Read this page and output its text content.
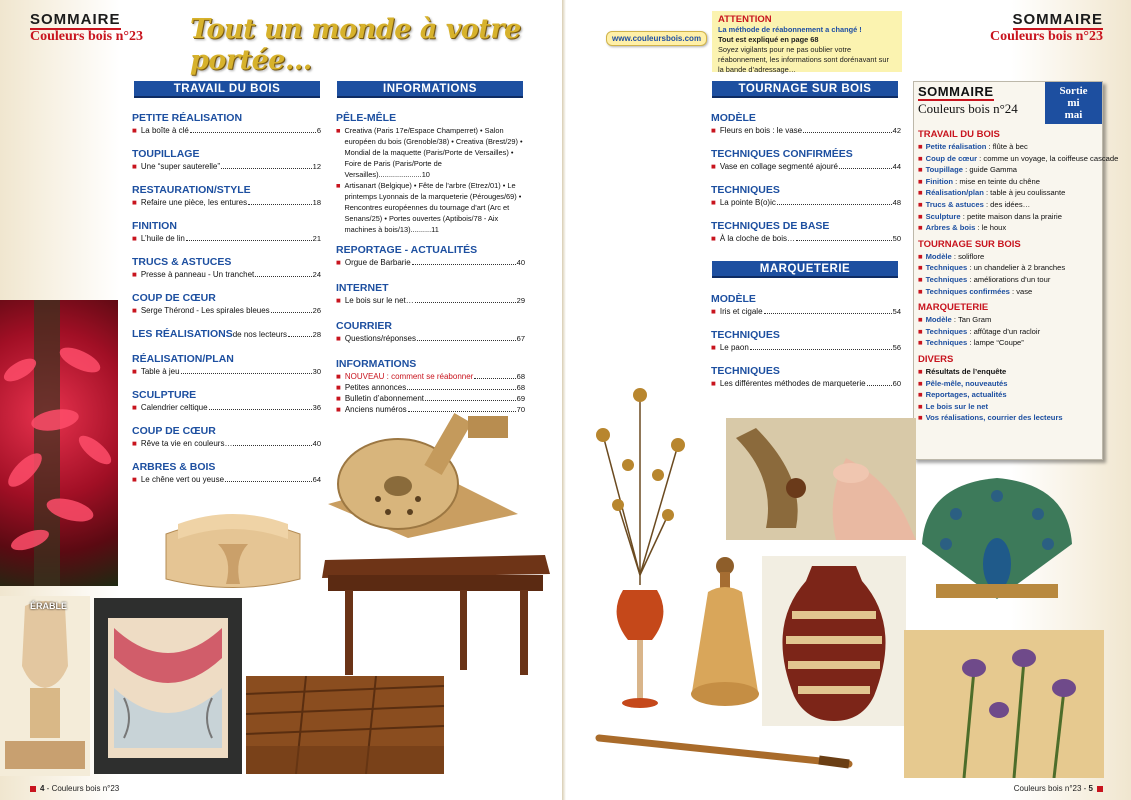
SOMMAIRE

Couleurs bois n°23 Tout un monde à votre portée...
TRAVAIL DU BOIS	INFORMATIONS
PETITE RÉALISATION
■ La boîte à clé	6
TOUPILLAGE
■ Une “super sauterelle”	12
RESTAURATION/STYLE
■ Refaire une pièce, les entures	18
FINITION
■ L’huile de lin	21
TRUCS & ASTUCES
■ Presse à panneau - Un tranchet	24
COUP DE CŒUR
■ Serge Thérond - Les spirales bleues	26
LES RÉALISATIONS de nos lecteurs	28
RÉALISATION/PLAN
■ Table à jeu	30
SCULPTURE
■ Calendrier celtique	36
COUP DE CŒUR
■ Rêve ta vie en couleurs…	40
ARBRES & BOIS
■ Le chêne vert ou yeuse	64
PÊLE-MÊLE
■ Creativa (Paris 17e/Espace Champerret) • Salon européen du bois (Grenoble/38) • Creativa (Brest/29) • Mondial de la maquette (Paris/Porte de Versailles) • Foire de Paris (Paris/Porte de Versailles).....................10
■ Artisanart (Belgique) • Fête de l’arbre (Etrez/01) • Le printemps Lyonnais de la marqueterie (Pérouges/69) • Rencontres européennes du tournage d’art (Arc et Senans/25) • Portes ouvertes (Aptibois/78 - Aix machines à bois/13)..........11
REPORTAGE - ACTUALITÉS
■ Orgue de Barbarie	40
INTERNET
■ Le bois sur le net…	29
COURRIER
■ Questions/réponses	67
INFORMATIONS
■ NOUVEAU : comment se réabonner	68
■ Petites annonces	68
■ Bulletin d’abonnement	69
■ Anciens numéros	70
ÉRABLE
4 - Couleurs bois n°23
www.couleursbois.com
ATTENTION
La méthode de réabonnement a changé !
Tout est expliqué en page 68
Soyez vigilants pour ne pas oublier votre réabonnement, les informations sont dorénavant sur la bande d’adressage…
SOMMAIRE

Couleurs bois n°23
TOURNAGE SUR BOIS
MODÈLE
■ Fleurs en bois : le vase	42
TECHNIQUES CONFIRMÉES
■ Vase en collage segmenté ajouré	44
TECHNIQUES
■ La pointe B(o)ic	48
TECHNIQUES DE BASE
■ À la cloche de bois…	50
MARQUETERIE
MODÈLE
■ Iris et cigale	54
TECHNIQUES
■ Le paon	56
TECHNIQUES
■ Les différentes méthodes de marqueterie	60
SOMMAIRE
Couleurs bois n°24
Sortie
mi
mai
TRAVAIL DU BOIS
■ Petite réalisation : flûte à bec
■ Coup de cœur : comme un voyage, la coiffeuse cascade
■ Toupillage : guide Gamma
■ Finition : mise en teinte du chêne
■ Réalisation/plan : table à jeu coulissante
■ Trucs & astuces : des idées…
■ Sculpture : petite maison dans la prairie
■ Arbres & bois : le houx
TOURNAGE SUR BOIS
■ Modèle : soliflore
■ Techniques : un chandelier à 2 branches
■ Techniques : améliorations d’un tour
■ Techniques confirmées : vase
MARQUETERIE
■ Modèle : Tan Gram
■ Techniques : affûtage d’un racloir
■ Techniques : lampe “Coupe”
DIVERS
■ Résultats de l’enquête
■ Pêle-mêle, nouveautés
■ Reportages, actualités
■ Le bois sur le net
■ Vos réalisations, courrier des lecteurs
Couleurs bois n°23 - 5
